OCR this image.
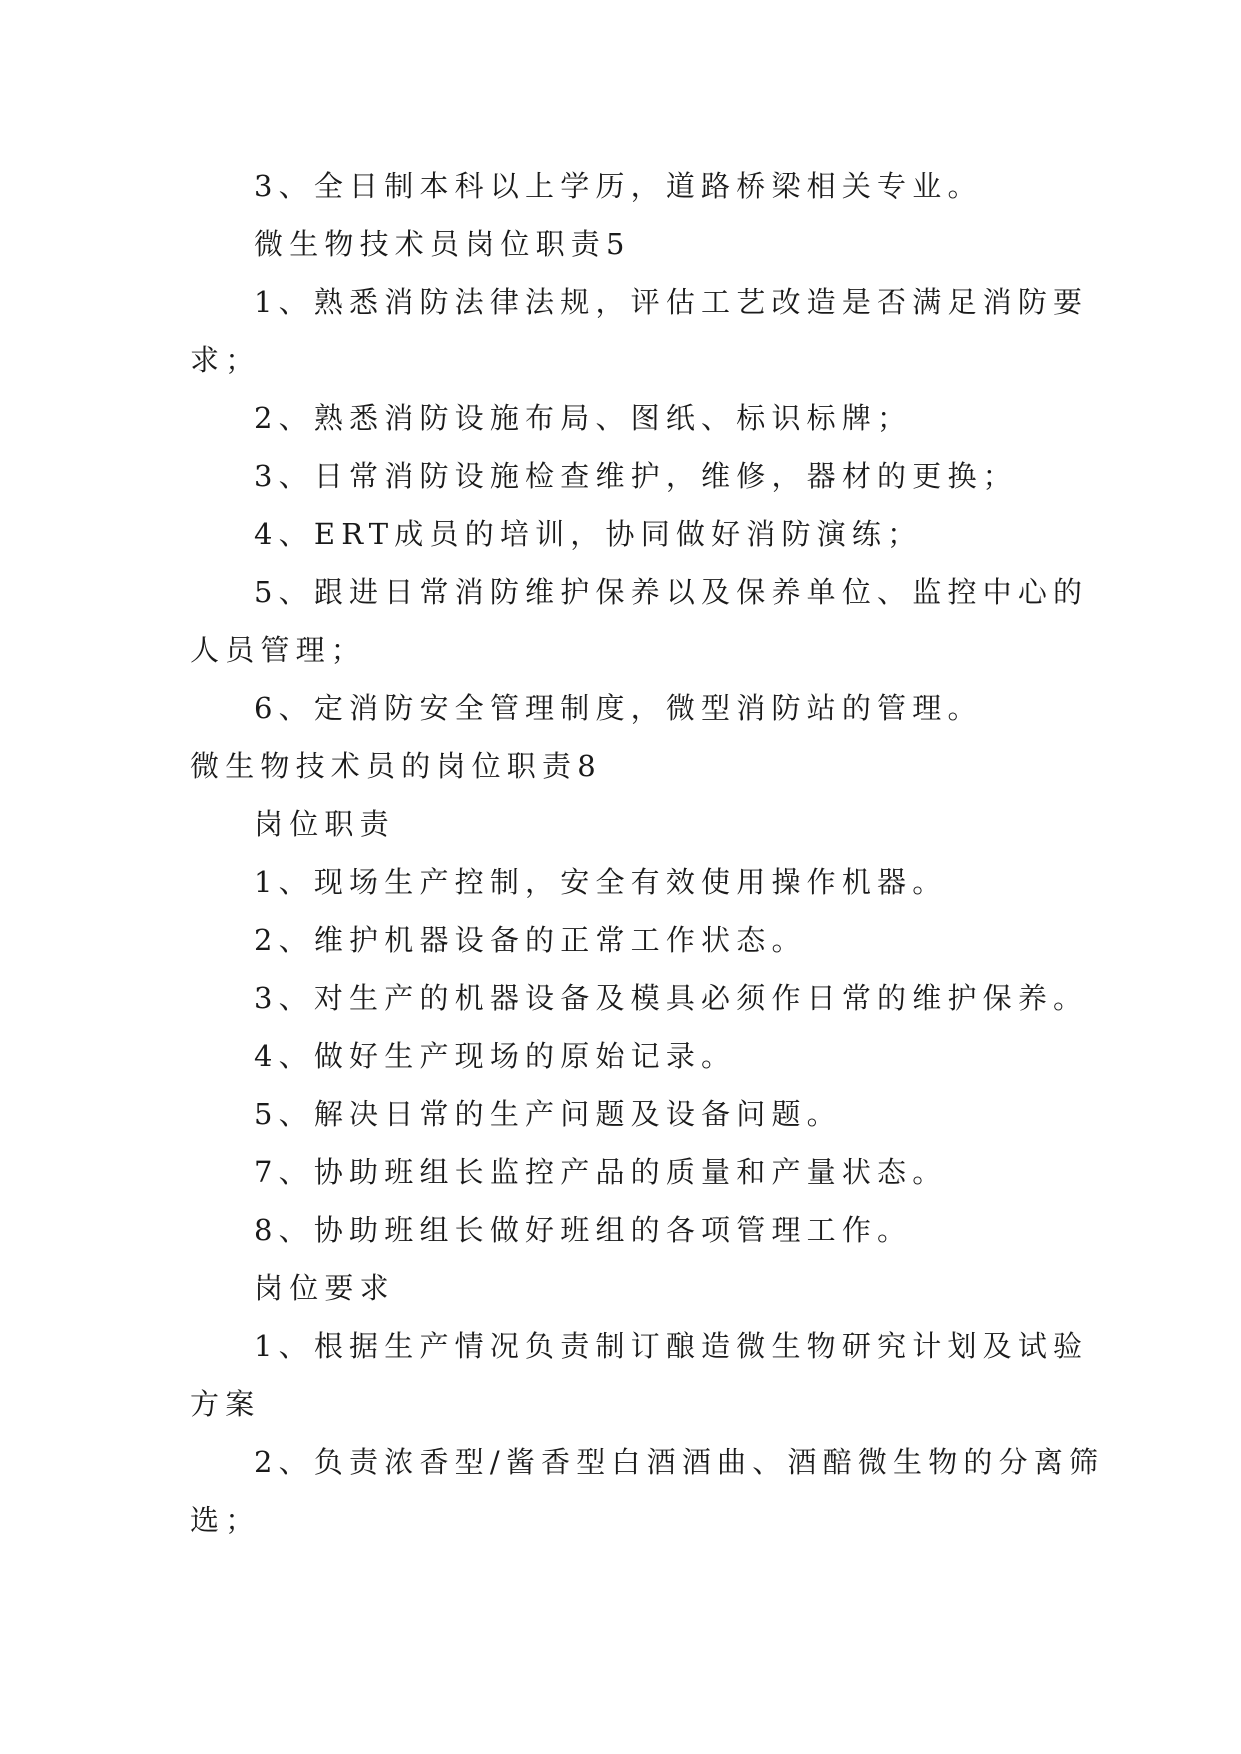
3、全日制本科以上学历，道路桥梁相关专业。
微生物技术员岗位职责5
1、熟悉消防法律法规，评估工艺改造是否满足消防要
求；
2、熟悉消防设施布局、图纸、标识标牌；
3、日常消防设施检查维护，维修，器材的更换；
4、ERT成员的培训，协同做好消防演练；
5、跟进日常消防维护保养以及保养单位、监控中心的
人员管理；
6、定消防安全管理制度，微型消防站的管理。
微生物技术员的岗位职责8
岗位职责
1、现场生产控制，安全有效使用操作机器。
2、维护机器设备的正常工作状态。
3、对生产的机器设备及模具必须作日常的维护保养。
4、做好生产现场的原始记录。
5、解决日常的生产问题及设备问题。
7、协助班组长监控产品的质量和产量状态。
8、协助班组长做好班组的各项管理工作。
岗位要求
1、根据生产情况负责制订酿造微生物研究计划及试验
方案
2、负责浓香型/酱香型白酒酒曲、酒醅微生物的分离筛
选；
